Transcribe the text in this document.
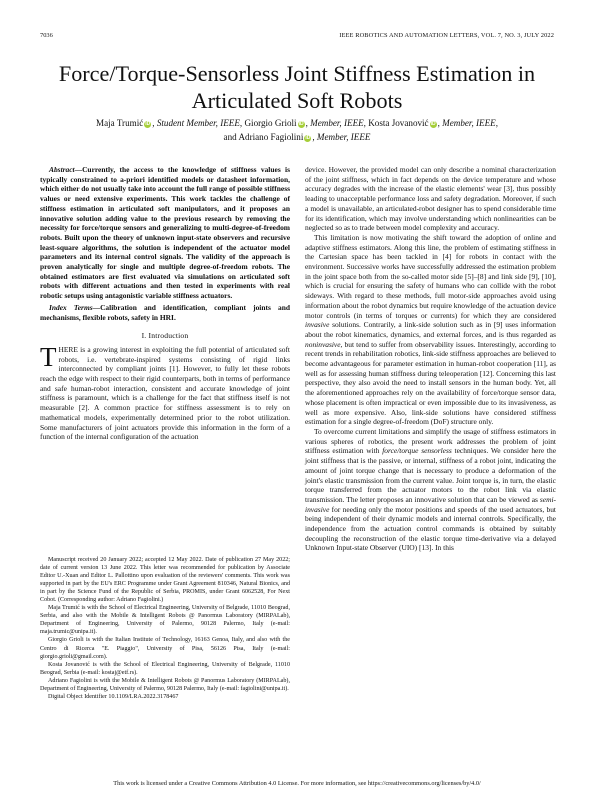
7036	IEEE ROBOTICS AND AUTOMATION LETTERS, VOL. 7, NO. 3, JULY 2022
Force/Torque-Sensorless Joint Stiffness Estimation in Articulated Soft Robots

Maja Trumić iD , Student Member, IEEE, Giorgio Grioli iD , Member, IEEE, Kosta Jovanović iD , Member, IEEE,
and Adriano Fagiolini iD , Member, IEEE

Abstract—Currently, the access to the knowledge of stiffness values is typically constrained to a-priori identified models or datasheet information, which either do not usually take into account the full range of possible stiffness values or need extensive experiments. This work tackles the challenge of stiffness estimation in articulated soft manipulators, and it proposes an innovative solution adding value to the previous research by removing the necessity for force/torque sensors and generalizing to multi-degree-of-freedom robots. Built upon the theory of unknown input-state observers and recursive least-square algorithms, the solution is independent of the actuator model parameters and its internal control signals. The validity of the approach is proven analytically for single and multiple degree-of-freedom robots. The obtained estimators are first evaluated via simulations on articulated soft robots with different actuations and then tested in experiments with real robotic setups using antagonistic variable stiffness actuators.

Index Terms—Calibration and identification, compliant joints and mechanisms, flexible robots, safety in HRI.

I. Introduction

THERE is a growing interest in exploiting the full potential of articulated soft robots, i.e. vertebrate-inspired systems consisting of rigid links interconnected by compliant joints [1]. However, to fully let these robots reach the edge with respect to their rigid counterparts, both in terms of performance and safe human-robot interaction, consistent and accurate knowledge of joint stiffness is paramount, which is a challenge for the fact that stiffness itself is not measurable [2]. A common practice for stiffness assessment is to rely on mathematical models, experimentally determined prior to the robot utilization. Some manufacturers of joint actuators provide this information in the form of a function of the internal configuration of the actuation

Manuscript received 20 January 2022; accepted 12 May 2022. Date of publication 27 May 2022; date of current version 13 June 2022. This letter was recommended for publication by Associate Editor U.-Xuan and Editor L. Pallottino upon evaluation of the reviewers' comments. This work was supported in part by the EU's ERC Programme under Grant Agreement 810346, Natural Bionics, and in part by the Science Fund of the Republic of Serbia, PROMIS, under Grant 6062528, For Next Cobot. (Corresponding author: Adriano Fagiolini.)

Maja Trumić is with the School of Electrical Engineering, University of Belgrade, 11010 Beograd, Serbia, and also with the Mobile & Intelligent Robots @ Panormus Laboratory (MIRPALab), Department of Engineering, University of Palermo, 90128 Palermo, Italy (e-mail: maja.trumic@unipa.it).

Giorgio Grioli is with the Italian Institute of Technology, 16163 Genoa, Italy, and also with the Centro di Ricerca "E. Piaggio", University of Pisa, 56126 Pisa, Italy (e-mail: giorgio.grioli@gmail.com).

Kosta Jovanović is with the School of Electrical Engineering, University of Belgrade, 11010 Beograd, Serbia (e-mail: kostaj@etf.rs).

Adriano Fagiolini is with the Mobile & Intelligent Robots @ Panormus Laboratory (MIRPALab), Department of Engineering, University of Palermo, 90128 Palermo, Italy (e-mail: fagiolini@unipa.it).

Digital Object Identifier 10.1109/LRA.2022.3178467

device. However, the provided model can only describe a nominal characterization of the joint stiffness, which in fact depends on the device temperature and whose accuracy degrades with the increase of the elastic elements' wear [3], thus possibly leading to unacceptable performance loss and safety degradation. Moreover, if such a model is unavailable, an articulated-robot designer has to spend considerable time for its identification, which may involve understanding which nonlinearities can be neglected so as to trade between model complexity and accuracy.

This limitation is now motivating the shift toward the adoption of online and adaptive stiffness estimators. Along this line, the problem of estimating stiffness in the Cartesian space has been tackled in [4] for robots in contact with the environment. Successive works have successfully addressed the estimation problem in the joint space both from the so-called motor side [5]–[8] and link side [9], [10], which is crucial for ensuring the safety of humans who can collide with the robot sideways. With regard to these methods, full motor-side approaches avoid using information about the robot dynamics but require knowledge of the actuation device motor controls (in terms of torques or currents) for which they are considered invasive solutions. Contrarily, a link-side solution such as in [9] uses information about the robot kinematics, dynamics, and external forces, and is thus regarded as noninvasive, but tend to suffer from observability issues. Interestingly, according to recent trends in rehabilitation robotics, link-side stiffness approaches are believed to become advantageous for parameter estimation in human-robot cooperation [11], as well as for assessing human stiffness during teleoperation [12]. Concerning this last perspective, they also avoid the need to install sensors in the human body. Yet, all the aforementioned approaches rely on the availability of force/torque sensor data, whose placement is often impractical or even impossible due to its invasiveness, as well as more expensive. Also, link-side solutions have considered stiffness estimation for a single degree-of-freedom (DoF) structure only.

To overcome current limitations and simplify the usage of stiffness estimators in various spheres of robotics, the present work addresses the problem of joint stiffness estimation with force/torque sensorless techniques. We consider here the joint stiffness that is the passive, or internal, stiffness of a robot joint, indicating the amount of joint torque change that is necessary to produce a deformation of the joint's elastic transmission from the current value. Joint torque is, in turn, the elastic torque transferred from the actuator motors to the robot link via elastic transmission. The letter proposes an innovative solution that can be viewed as semi-invasive for needing only the motor positions and speeds of the used actuators, but being independent of their dynamic models and internal controls. Specifically, the independence from the actuation control commands is obtained by suitably decoupling the reconstruction of the elastic torque time-derivative via a delayed Unknown Input-state Observer (UIO) [13]. In this

This work is licensed under a Creative Commons Attribution 4.0 License. For more information, see https://creativecommons.org/licenses/by/4.0/
